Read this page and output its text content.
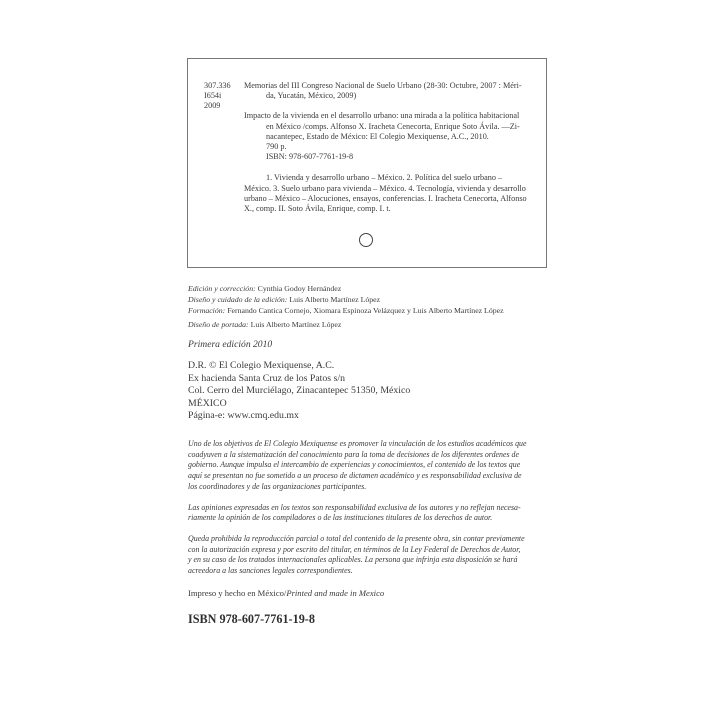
307.336
I654i
2009
Memorias del III Congreso Nacional de Suelo Urbano (28-30: Octubre, 2007 : Méri-
da, Yucatán, México, 2009)
Impacto de la vivienda en el desarrollo urbano: una mirada a la política habitacional
en México /comps. Alfonso X. Iracheta Cenecorta, Enrique Soto Ávila. —Zi-
nacantepec, Estado de México: El Colegio Mexiquense, A.C., 2010.
790 p.
ISBN: 978-607-7761-19-8
1. Vivienda y desarrollo urbano – México. 2. Política del suelo urbano –
México. 3. Suelo urbano para vivienda – México. 4. Tecnología, vivienda y desarrollo
urbano – México – Alocuciones, ensayos, conferencias. I. Iracheta Cenecorta, Alfonso
X., comp. II. Soto Ávila, Enrique, comp. I. t.
Edición y corrección: Cynthia Godoy Hernández
Diseño y cuidado de la edición: Luis Alberto Martínez López
Formación: Fernando Cantica Cornejo, Xiomara Espinoza Velázquez y Luis Alberto Martínez López
Diseño de portada: Luis Alberto Martínez López
Primera edición 2010
D.R. © El Colegio Mexiquense, A.C.
Ex hacienda Santa Cruz de los Patos s/n
Col. Cerro del Murciélago, Zinacantepec 51350, México
MÉXICO
Página-e: www.cmq.edu.mx
Uno de los objetivos de El Colegio Mexiquense es promover la vinculación de los estudios académicos que
coadyuven a la sistematización del conocimiento para la toma de decisiones de los diferentes ordenes de
gobierno. Aunque impulsa el intercambio de experiencias y conocimientos, el contenido de los textos que
aquí se presentan no fue sometido a un proceso de dictamen académico y es responsabilidad exclusiva de
los coordinadores y de las organizaciones participantes.
Las opiniones expresadas en los textos son responsabilidad exclusiva de los autores y no reflejan necesa-
riamente la opinión de los compiladores o de las instituciones titulares de los derechos de autor.
Queda prohibida la reproducción parcial o total del contenido de la presente obra, sin contar previamente
con la autorización expresa y por escrito del titular, en términos de la Ley Federal de Derechos de Autor,
y en su caso de los tratados internacionales aplicables. La persona que infrinja esta disposición se hará
acreedora a las sanciones legales correspondientes.
Impreso y hecho en México/Printed and made in Mexico
ISBN 978-607-7761-19-8
